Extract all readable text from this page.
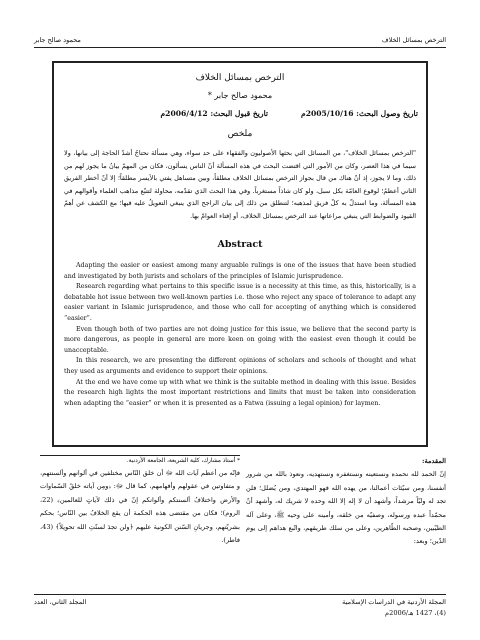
الترخص بمسائل الخلاف
محمود صالح جابر
الترخص بمسائل الخلاف
محمود صالح جابر *
تاريخ وصول البحث: 2005/10/16م
تاريخ قبول البحث: 2006/4/12م
ملخص
"الترخص بمسائل الخلاف"، من المسائل التي بحثها الأصوليون والفقهاء على حد سواء، وهي مسألة نحتاجُ أشدّ الحاجة إلى بيانها، ولا سيما في هذا العصر، وكان من الأمور التي اقتضت البحث في هذه المسألة أنّ الناس يسألون، فكان من المهمّ بيانُ ما يجوز لهم من ذلك، وما لا يجوز، إذ أنّ هناك من قال بجواز الترخص بمسائل الخلاف مطلقاً، وبين متساهل يفتي بالأيسر مطلقاً؛ إلا أنّ أخطر الفريق الثاني أعظمُ؛ لوقوع العامّة بكل سبل، ولو كان شاذاً مستغرباً. وفي هذا البحث الذي تقدّمه، محاولة لتتبّع مذاهب العلماء وأقوالهم في هذه المسألة، وما استدلّ به كلّ فريق لمذهبه؛ لتنطلق من ذلك إلى بيان الراجح الذي ينبغي التعويلُ عليه فيها؛ مع الكشف عن أهمّ القيود والضوابط التي ينبغي مراعاتها عند الترخص بمسائل الخلاف، أو إفتاء العوامّ بها.
Abstract

Adapting the easier or easiest among many arguable rulings is one of the issues that have been studied and investigated by both jurists and scholars of the principles of Islamic jurisprudence.

Research regarding what pertains to this specific issue is a necessity at this time, as this, historically, is a debatable hot issue between two well-known parties i.e. those who reject any space of tolerance to adapt any easier variant in Islamic jurisprudence, and those who call for accepting of anything which is considered “easier”.

Even though both of two parties are not doing justice for this issue, we believe that the second party is more dangerous, as people in general are more keen on going with the easiest even though it could be unacceptable.

In this research, we are presenting the different opinions of scholars and schools of thought and what they used as arguments and evidence to support their opinions.

At the end we have come up with what we think is the suitable method in dealing with this issue. Besides the research high lights the most important restrictions and limits that must be taken into consideration when adapting the “easier” or when it is presented as a Fatwa (issuing a legal opinion) for laymen.

* أستاذ مشارك، كلية الشريعة، الجامعة الأردنية.
فإنّه من أعظم آيات الله ﷻ أن خلق النّاس مختلفين في ألوانهم وألسنتهم، و متفاوتين في عقولهم وأفهامهم، كما قال ﷻ: ﴿ومِن آياته خلقُ السّماوات والأرض واختلافُ ألسنتكم وألوانكم إنّ في ذلك لآياتٍ للعالمين﴾ (22، الروم)؛ فكان من مقتضى هذه الحكمة أن يقع الخلافُ بين النّاس؛ بحكم بشريّتهم، وجريانِ السّنن الكونية عليهم ﴿ولن تجدَ لسنّتِ الله تحويلاً﴾ (43، فاطر).
المقدمة:
إنّ الحمد لله نحمده ونستعينه ونستغفره ونستهديه، ونعوذ بالله من شرور أنفسنا، ومن سيّئات أعمالنا، من يهده الله فهو المهتدي، ومن يُضلل؛ فلن تجد له وليّاً مرشداً، وأشهد أن لا إله إلا الله وحده لا شريك له، وأشهد أنّ محمّداً عبده ورسوله، وصفيّه من خلقه، وأمينه على وحيه ﷺ، وعلى آله الطيّبين، وصحبه الطّاهرين، وعلى من سلك طريقهم، واتّبع هداهم إلى يوم الدّين؛ وبعد:
المجلة الأردنية في الدراسات الإسلامية
(4)، 1427 هـ/2006م
المجلد الثاني، العدد
